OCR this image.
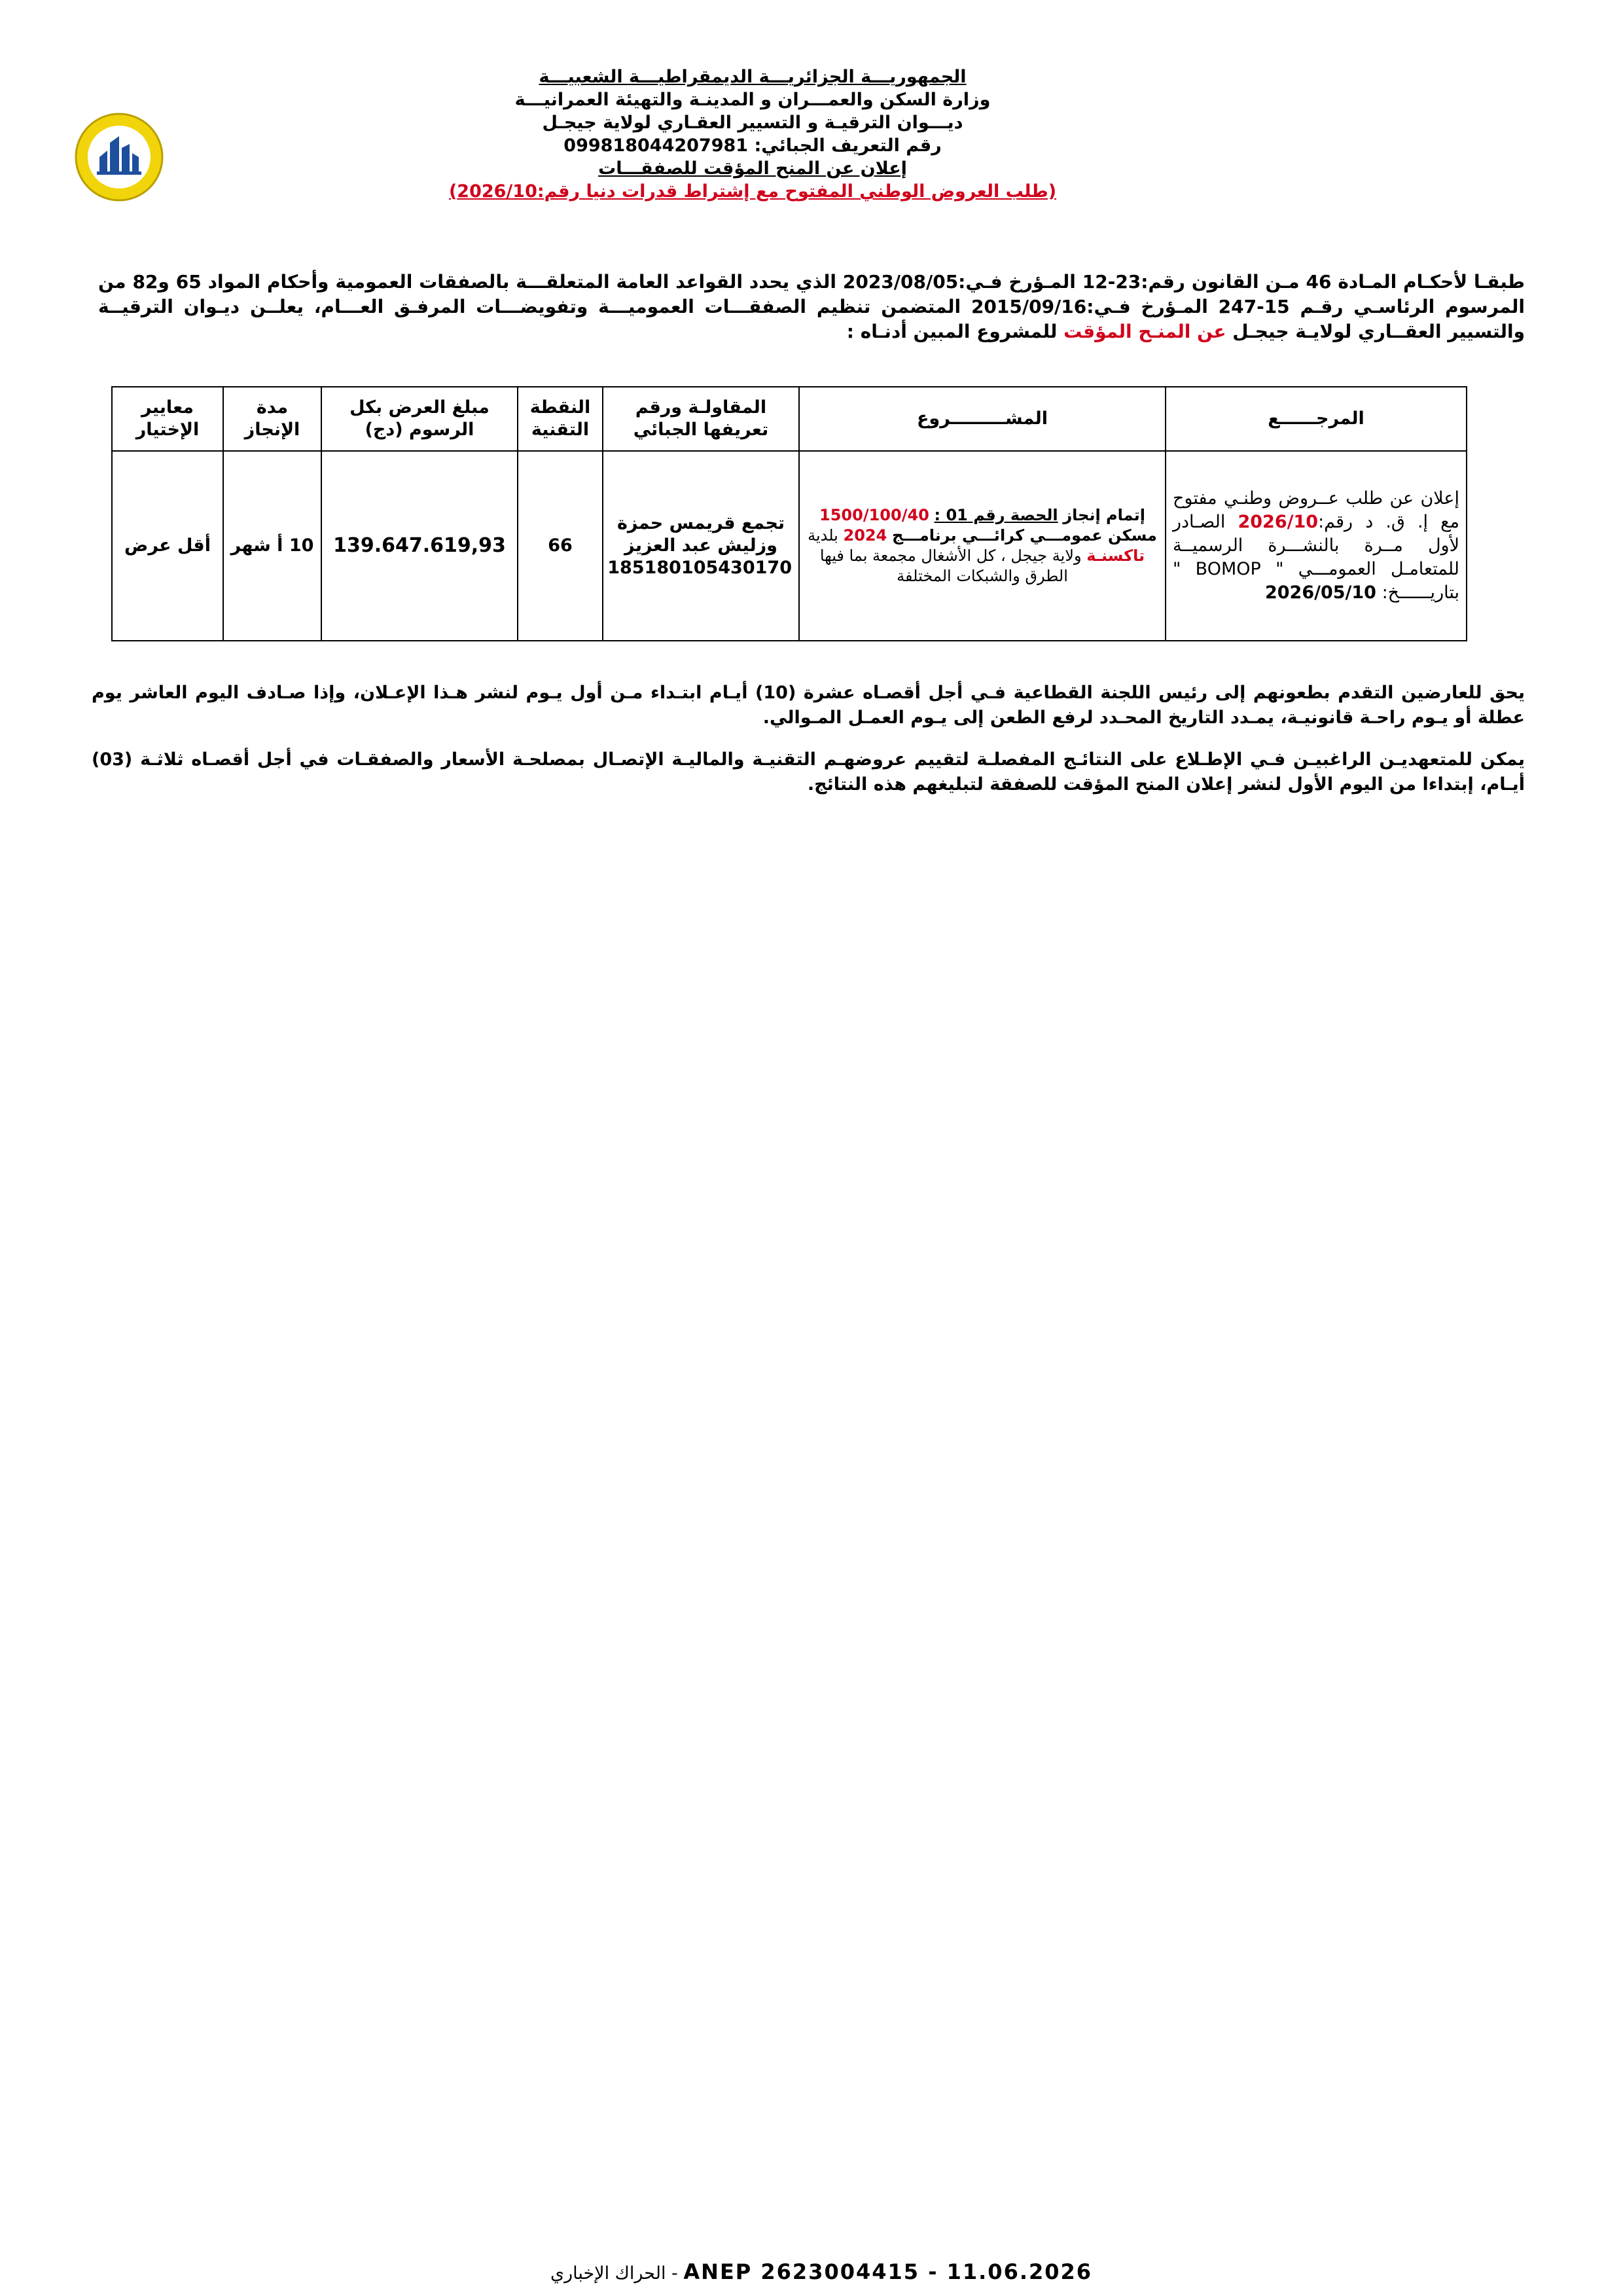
الجمهوريـــة الجزائريـــة الديمقراطيـــة الشعبيـــة
وزارة السكن والعمـــران و المدينـة والتهيئة العمرانيـــة
ديـــوان الترقيـة و التسيير العقـاري لولاية جيجـل
رقم التعريف الجبائي: 099818044207981
إعلان عن المنح المؤقت للصفقـــات
(طلب العروض الوطني المفتوح مع إشتراط قدرات دنيا رقم:2026/10)
طبقـا لأحكـام المـادة 46 مـن القانون رقم:23-12 المـؤرخ فـي:2023/08/05 الذي يحدد القواعد العامة المتعلقـــة بالصفقات العمومية وأحكام المواد 65 و82 من المرسوم الرئاسـي رقـم 15-247 المـؤرخ فـي:2015/09/16 المتضمن تنظيم الصفقـــات العموميـــة وتفويضـــات المرفـق العـــام، يعلــن ديـوان الترقيــة والتسيير العقــاري لولايـة جيجـل عن المنـح المؤقت للمشروع المبين أدنـاه :
المرجــــــع	المشـــــــــروع	المقاولـة ورقم تعريفها الجبائي	النقطة التقنية	مبلغ العرض بكل الرسوم (دج)	مدة الإنجاز	معايير الإختيار
إعلان عن طلب عــروض وطنـي مفتوح مع إ. ق. د رقم:2026/10 الصـادر لأول مــرة بالنشـــرة الرسميــة للمتعامـل العمومـــي " BOMOP " بتاريــــــخ: 2026/05/10	إتمام إنجاز الحصة رقم 01 : 1500/100/40 مسكن عمومـــي كرائـــي برنامـــج 2024 بلدية تاكسنـة ولاية جيجل ، كل الأشغال مجمعة بما فيها الطرق والشبكات المختلفة	تجمع قريمس حمزة وزليش عبد العزيز
185180105430170	66	139.647.619,93	10 أ شهر	أقل عرض
يحق للعارضين التقدم بطعونهم إلى رئيس اللجنة القطاعية فـي أجل أقصـاه عشرة (10) أيـام ابتـداء مـن أول يـوم لنشر هـذا الإعـلان، وإذا صـادف اليوم العاشر يوم عطلة أو يـوم راحـة قانونيـة، يمـدد التاريخ المحـدد لرفع الطعن إلى يـوم العمـل المـوالي.
يمكن للمتعهديـن الراغبيـن فـي الإطـلاع على النتائـج المفصلـة لتقييم عروضهـم التقنيـة والماليـة الإتصـال بمصلحـة الأسعار والصفقـات في أجل أقصـاه ثلاثـة (03) أيـام، إبتداءا من اليوم الأول لنشر إعلان المنح المؤقت للصفقة لتبليغهم هذه النتائج.
الحراك الإخباري - ANEP 2623004415 - 11.06.2026
